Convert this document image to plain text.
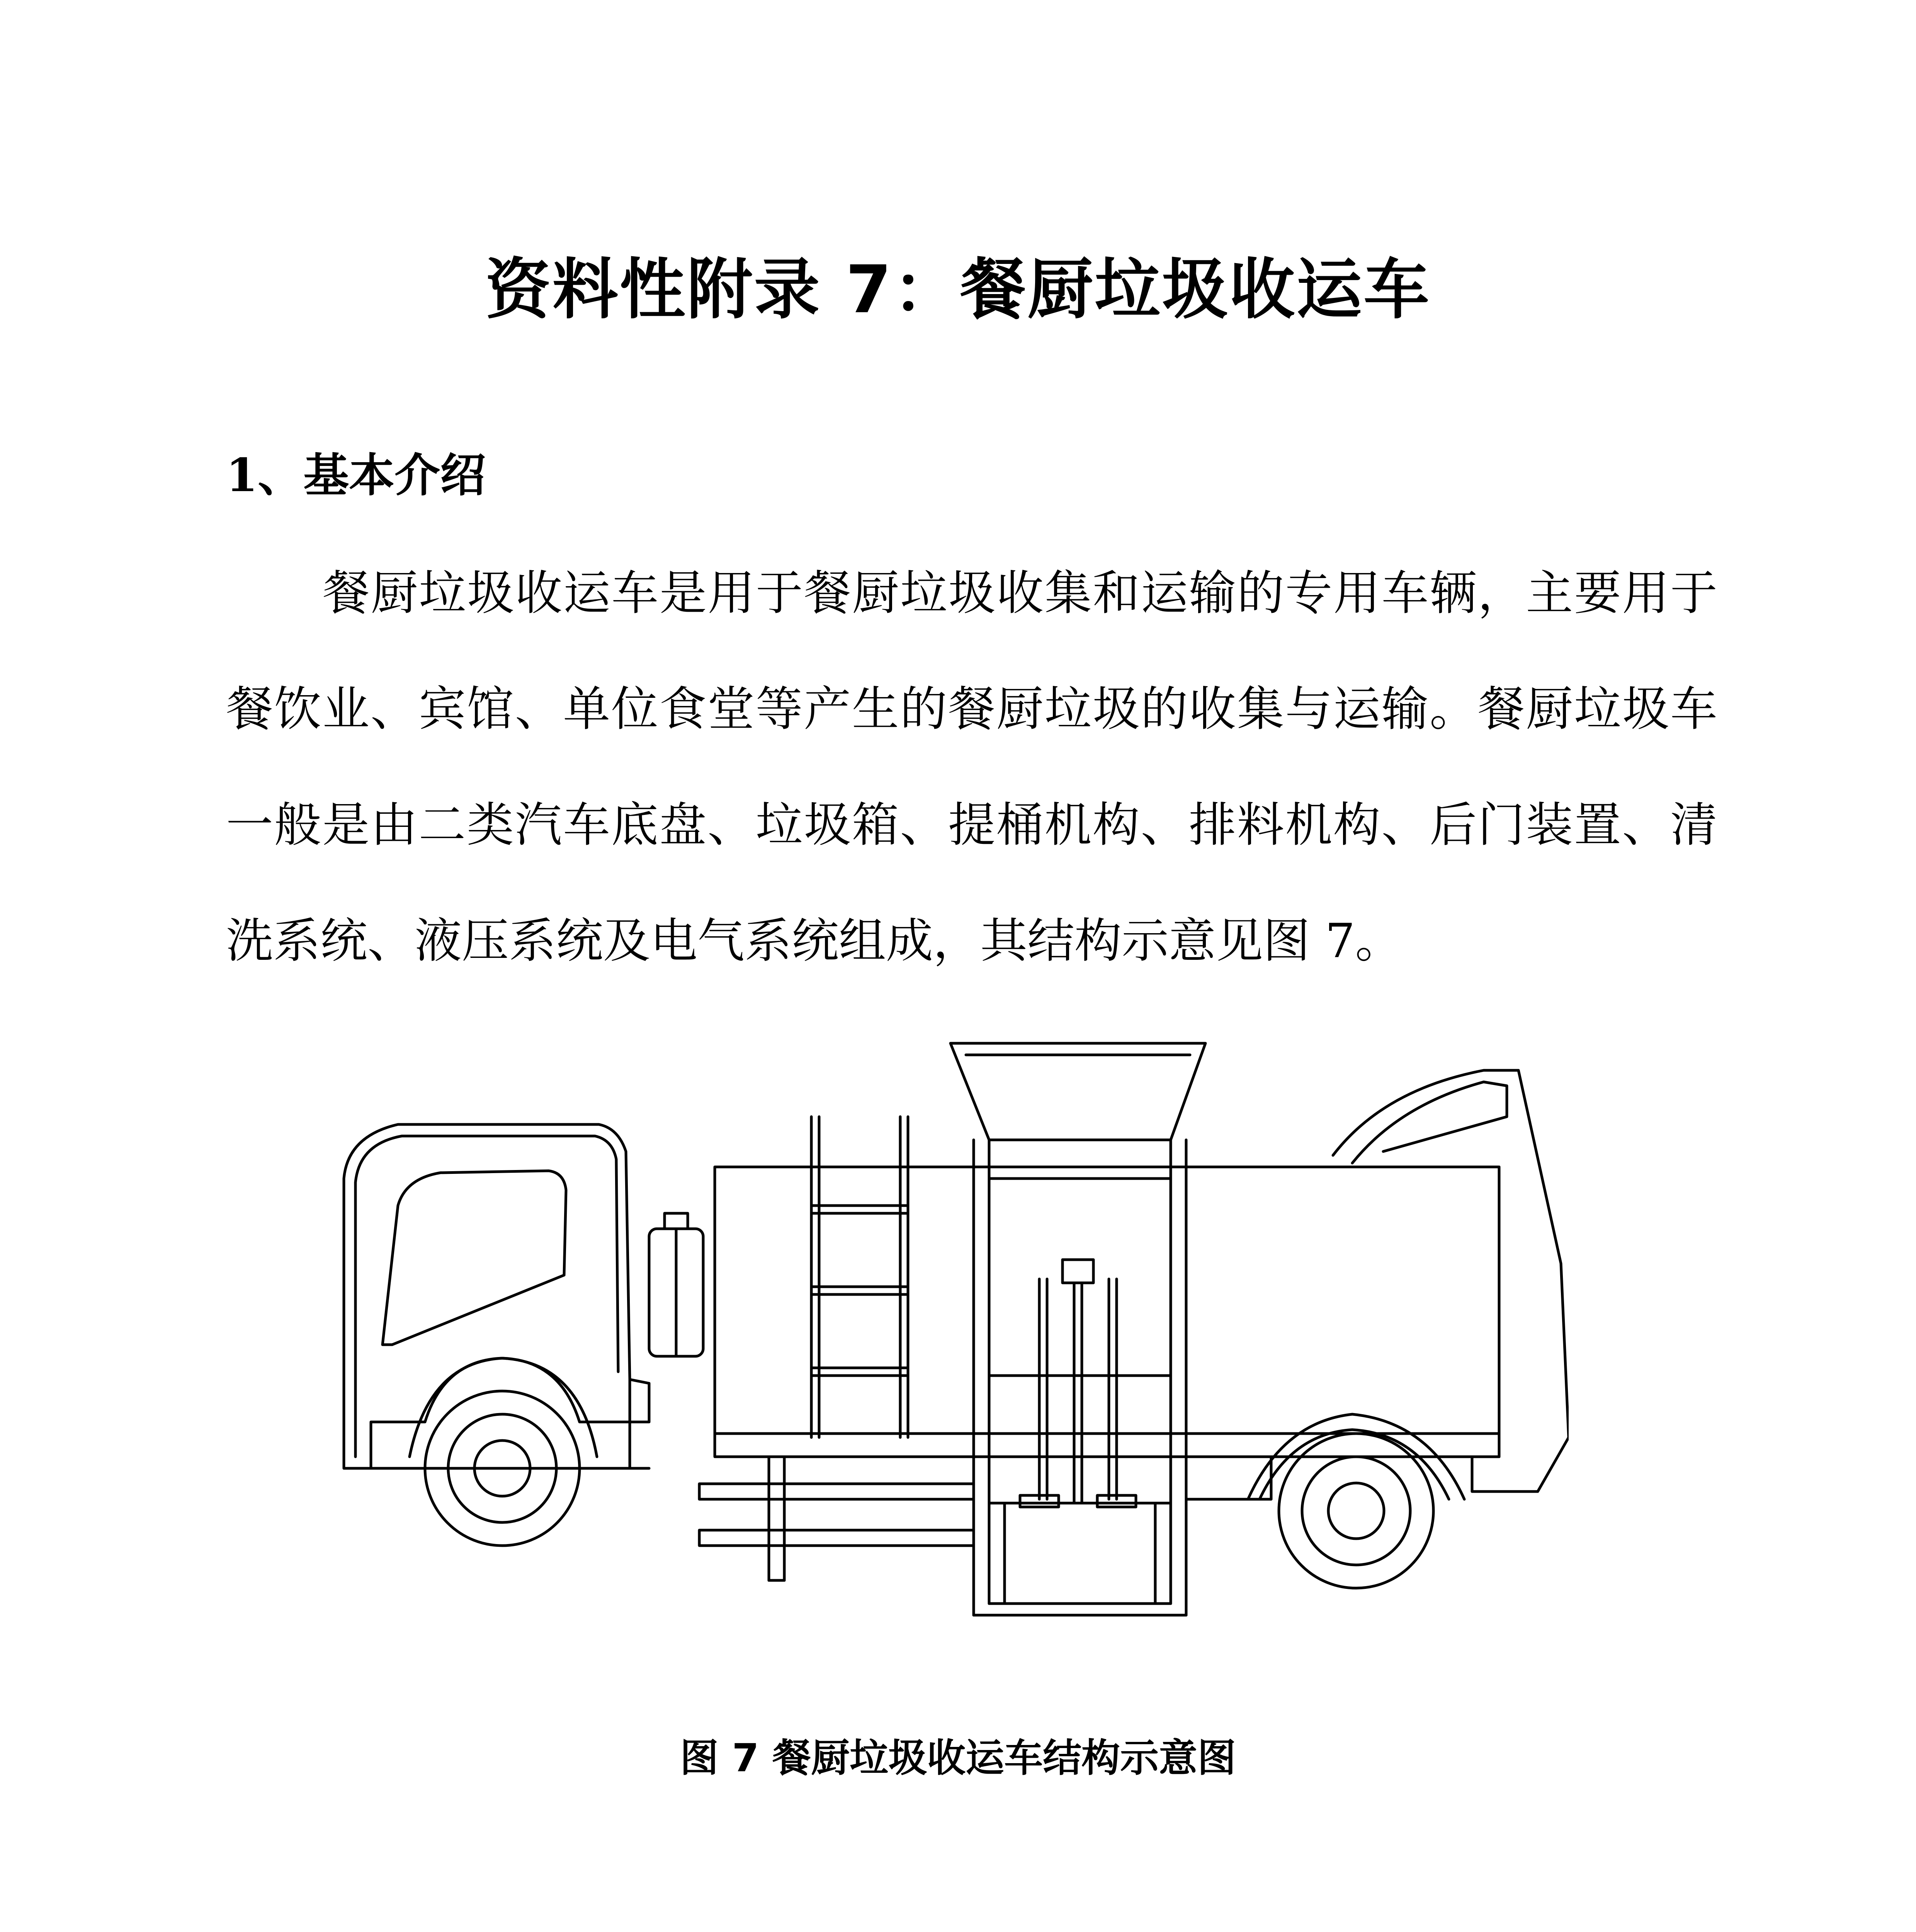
资料性附录 7：餐厨垃圾收运车
1、基本介绍
餐厨垃圾收运车是用于餐厨垃圾收集和运输的专用车辆，主要用于餐饮业、宾馆、单位食堂等产生的餐厨垃圾的收集与运输。餐厨垃圾车一般是由二类汽车底盘、垃圾箱、提桶机构、排料机构、后门装置、清洗系统、液压系统及电气系统组成，其结构示意见图 7。
图 7 餐厨垃圾收运车结构示意图
